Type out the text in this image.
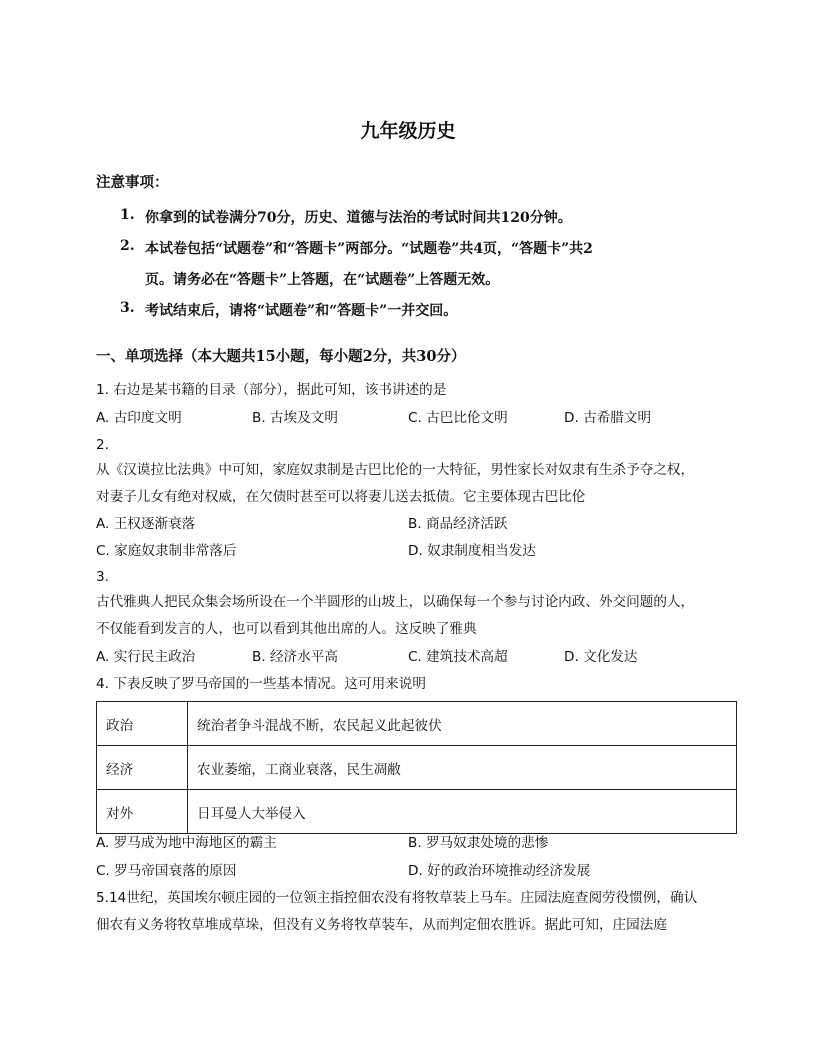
九年级历史
注意事项：
1. 你拿到的试卷满分70分，历史、道德与法治的考试时间共120分钟。
2. 本试卷包括“试题卷”和“答题卡”两部分。“试题卷”共4页，“答题卡”共2
页。请务必在“答题卡”上答题，在“试题卷”上答题无效。
3. 考试结束后，请将“试题卷”和“答题卡”一并交回。
一、单项选择（本大题共15小题，每小题2分，共30分）
1. 右边是某书籍的目录（部分），据此可知，该书讲述的是
A. 古印度文明	B. 古埃及文明	C. 古巴比伦文明	D. 古希腊文明
2.
从《汉谟拉比法典》中可知，家庭奴隶制是古巴比伦的一大特征，男性家长对奴隶有生杀予夺之权，
对妻子儿女有绝对权威，在欠债时甚至可以将妻儿送去抵债。它主要体现古巴比伦
A. 王权逐渐衰落	B. 商品经济活跃
C. 家庭奴隶制非常落后	D. 奴隶制度相当发达
3.
古代雅典人把民众集会场所设在一个半圆形的山坡上，以确保每一个参与讨论内政、外交问题的人，
不仅能看到发言的人，也可以看到其他出席的人。这反映了雅典
A. 实行民主政治	B. 经济水平高	C. 建筑技术高超	D. 文化发达
4. 下表反映了罗马帝国的一些基本情况。这可用来说明
政治	统治者争斗混战不断，农民起义此起彼伏
经济	农业萎缩，工商业衰落，民生凋敝
对外	日耳曼人大举侵入
A. 罗马成为地中海地区的霸主	B. 罗马奴隶处境的悲惨
C. 罗马帝国衰落的原因	D. 好的政治环境推动经济发展
5.14世纪，英国埃尔顿庄园的一位领主指控佃农没有将牧草装上马车。庄园法庭查阅劳役惯例，确认
佃农有义务将牧草堆成草垛，但没有义务将牧草装车，从而判定佃农胜诉。据此可知，庄园法庭
